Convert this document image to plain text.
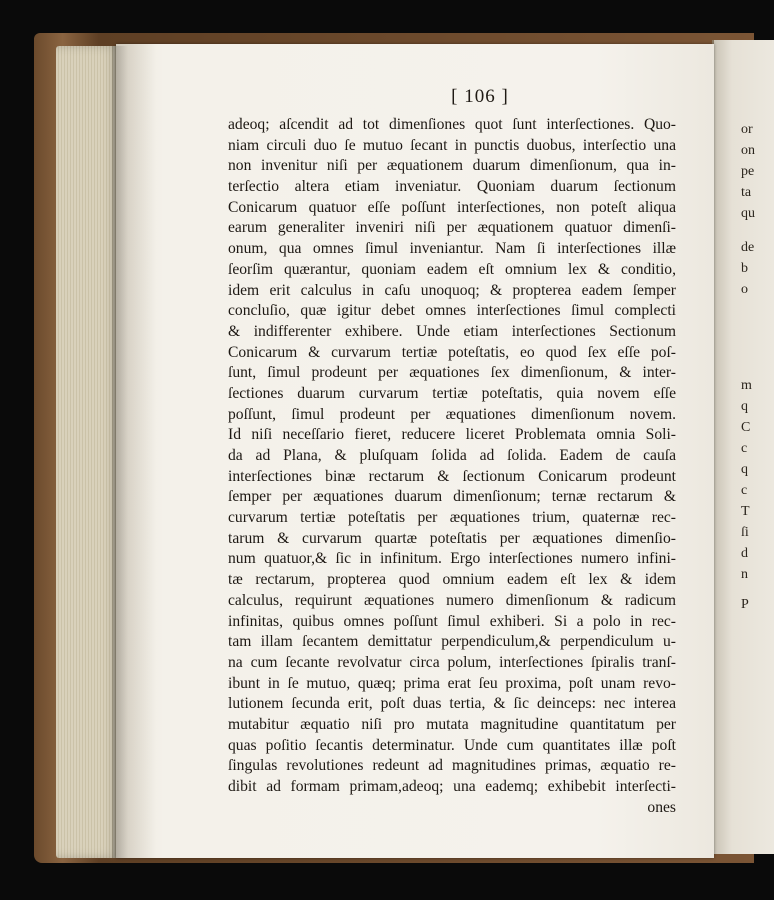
or
on
pe
ta
qu
de
b
o
m
q
C
c
q
c
T
ſi
d
n
P
[ 106 ]
adeoq; aſcendit ad tot dimenſiones quot ſunt interſectiones. Quo-
niam circuli duo ſe mutuo ſecant in punctis duobus, interſectio una
non invenitur niſi per æquationem duarum dimenſionum, qua in-
terſectio altera etiam inveniatur. Quoniam duarum ſectionum
Conicarum quatuor eſſe poſſunt interſectiones, non poteſt aliqua
earum generaliter inveniri niſi per æquationem quatuor dimenſi-
onum, qua omnes ſimul inveniantur. Nam ſi interſectiones illæ
ſeorſim quærantur, quoniam eadem eſt omnium lex & conditio,
idem erit calculus in caſu unoquoq; & propterea eadem ſemper
concluſio, quæ igitur debet omnes interſectiones ſimul complecti
& indifferenter exhibere. Unde etiam interſectiones Sectionum
Conicarum & curvarum tertiæ poteſtatis, eo quod ſex eſſe poſ-
ſunt, ſimul prodeunt per æquationes ſex dimenſionum, & inter-
ſectiones duarum curvarum tertiæ poteſtatis, quia novem eſſe
poſſunt, ſimul prodeunt per æquationes dimenſionum novem.
Id niſi neceſſario fieret, reducere liceret Problemata omnia Soli-
da ad Plana, & pluſquam ſolida ad ſolida. Eadem de cauſa
interſectiones binæ rectarum & ſectionum Conicarum prodeunt
ſemper per æquationes duarum dimenſionum; ternæ rectarum &
curvarum tertiæ poteſtatis per æquationes trium, quaternæ rec-
tarum & curvarum quartæ poteſtatis per æquationes dimenſio-
num quatuor,& ſic in infinitum. Ergo interſectiones numero infini-
tæ rectarum, propterea quod omnium eadem eſt lex & idem
calculus, requirunt æquationes numero dimenſionum & radicum
infinitas, quibus omnes poſſunt ſimul exhiberi. Si a polo in rec-
tam illam ſecantem demittatur perpendiculum,& perpendiculum u-
na cum ſecante revolvatur circa polum, interſectiones ſpiralis tranſ-
ibunt in ſe mutuo, quæq; prima erat ſeu proxima, poſt unam revo-
lutionem ſecunda erit, poſt duas tertia, & ſic deinceps: nec interea
mutabitur æquatio niſi pro mutata magnitudine quantitatum per
quas poſitio ſecantis determinatur. Unde cum quantitates illæ poſt
ſingulas revolutiones redeunt ad magnitudines primas, æquatio re-
dibit ad formam primam,adeoq; una eademq; exhibebit interſecti-
ones
